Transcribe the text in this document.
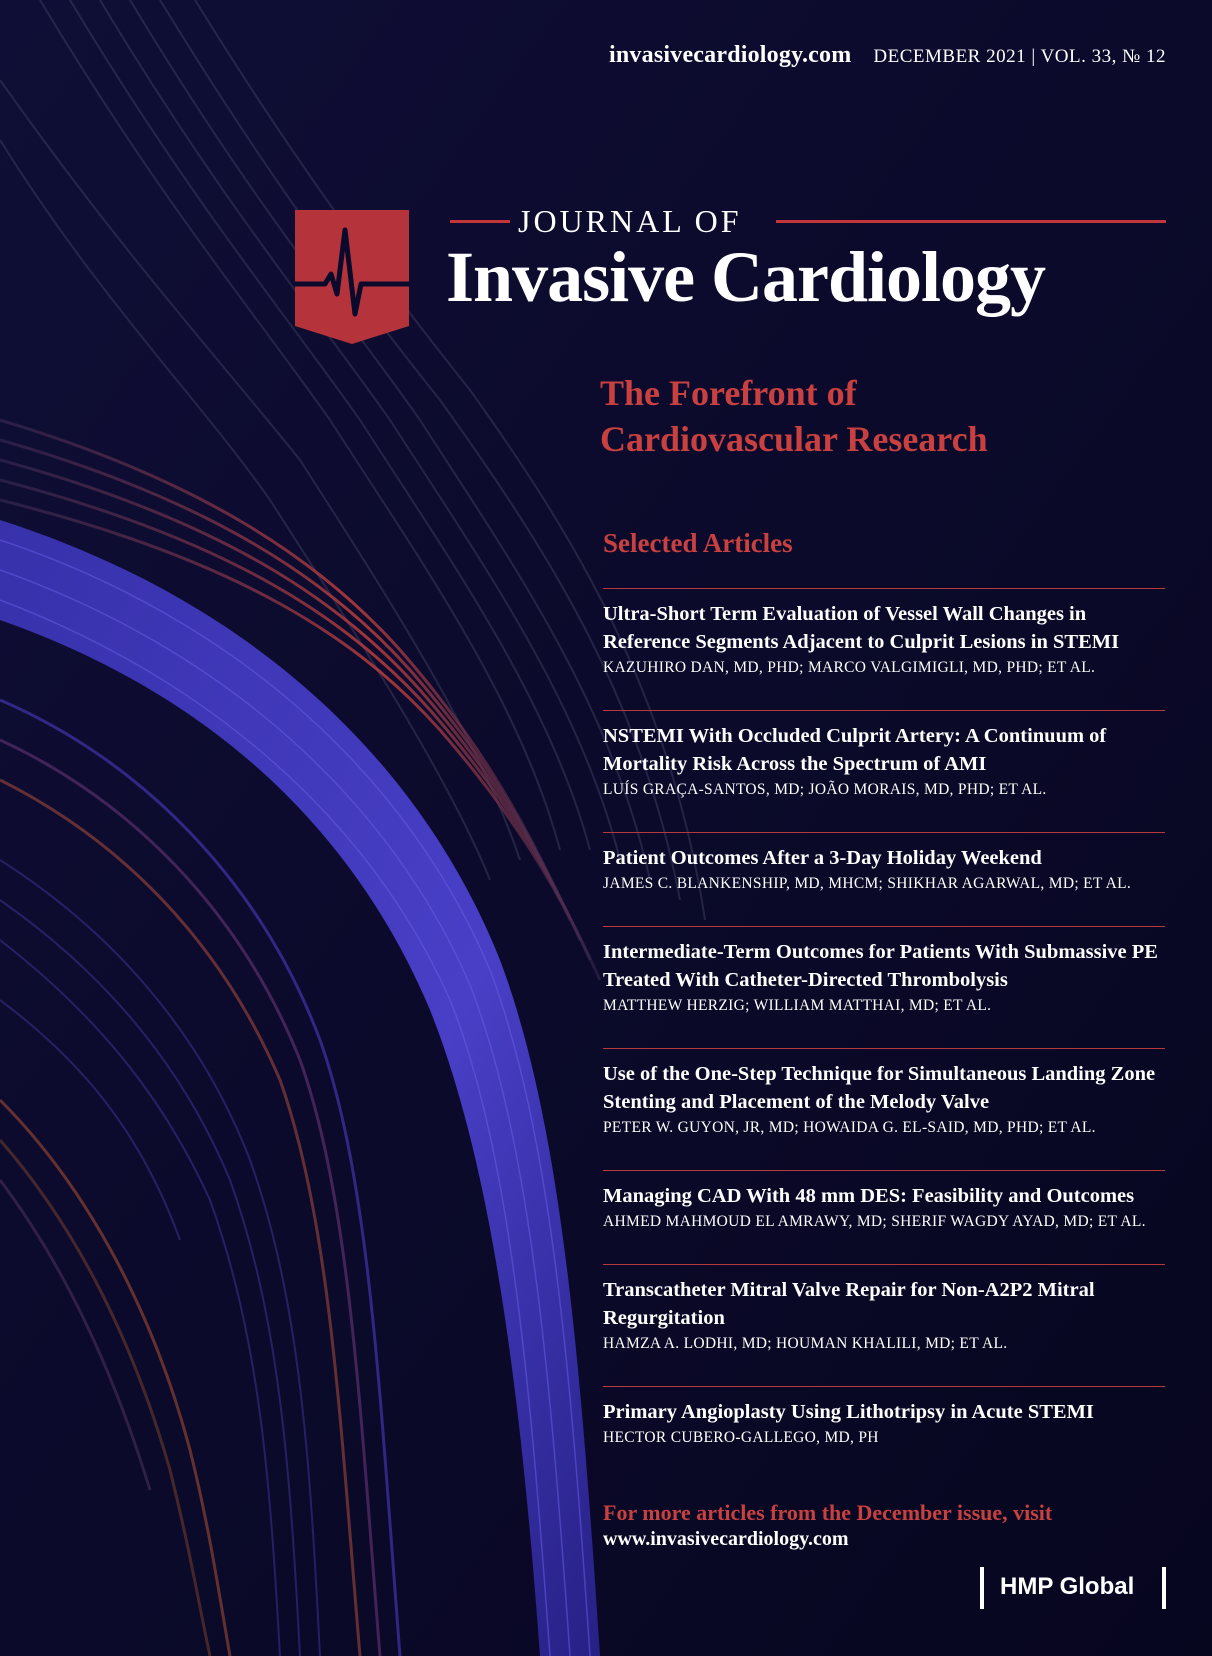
invasivecardiology.com DECEMBER 2021 | VOL. 33, № 12
JOURNAL OF
Invasive Cardiology
The Forefront of
Cardiovascular Research
Selected Articles
Ultra-Short Term Evaluation of Vessel Wall Changes in Reference Segments Adjacent to Culprit Lesions in STEMI
KAZUHIRO DAN, MD, PHD; MARCO VALGIMIGLI, MD, PHD; ET AL.
NSTEMI With Occluded Culprit Artery: A Continuum of Mortality Risk Across the Spectrum of AMI
LUÍS GRAÇA-SANTOS, MD; JOÃO MORAIS, MD, PHD; ET AL.
Patient Outcomes After a 3-Day Holiday Weekend
JAMES C. BLANKENSHIP, MD, MHCM; SHIKHAR AGARWAL, MD; ET AL.
Intermediate-Term Outcomes for Patients With Submassive PE Treated With Catheter-Directed Thrombolysis
MATTHEW HERZIG; WILLIAM MATTHAI, MD; ET AL.
Use of the One-Step Technique for Simultaneous Landing Zone Stenting and Placement of the Melody Valve
PETER W. GUYON, JR, MD; HOWAIDA G. EL-SAID, MD, PHD; ET AL.
Managing CAD With 48 mm DES: Feasibility and Outcomes
AHMED MAHMOUD EL AMRAWY, MD; SHERIF WAGDY AYAD, MD; ET AL.
Transcatheter Mitral Valve Repair for Non-A2P2 Mitral Regurgitation
HAMZA A. LODHI, MD; HOUMAN KHALILI, MD; ET AL.
Primary Angioplasty Using Lithotripsy in Acute STEMI
HECTOR CUBERO-GALLEGO, MD, PH
For more articles from the December issue, visit
www.invasivecardiology.com
HMP Global
